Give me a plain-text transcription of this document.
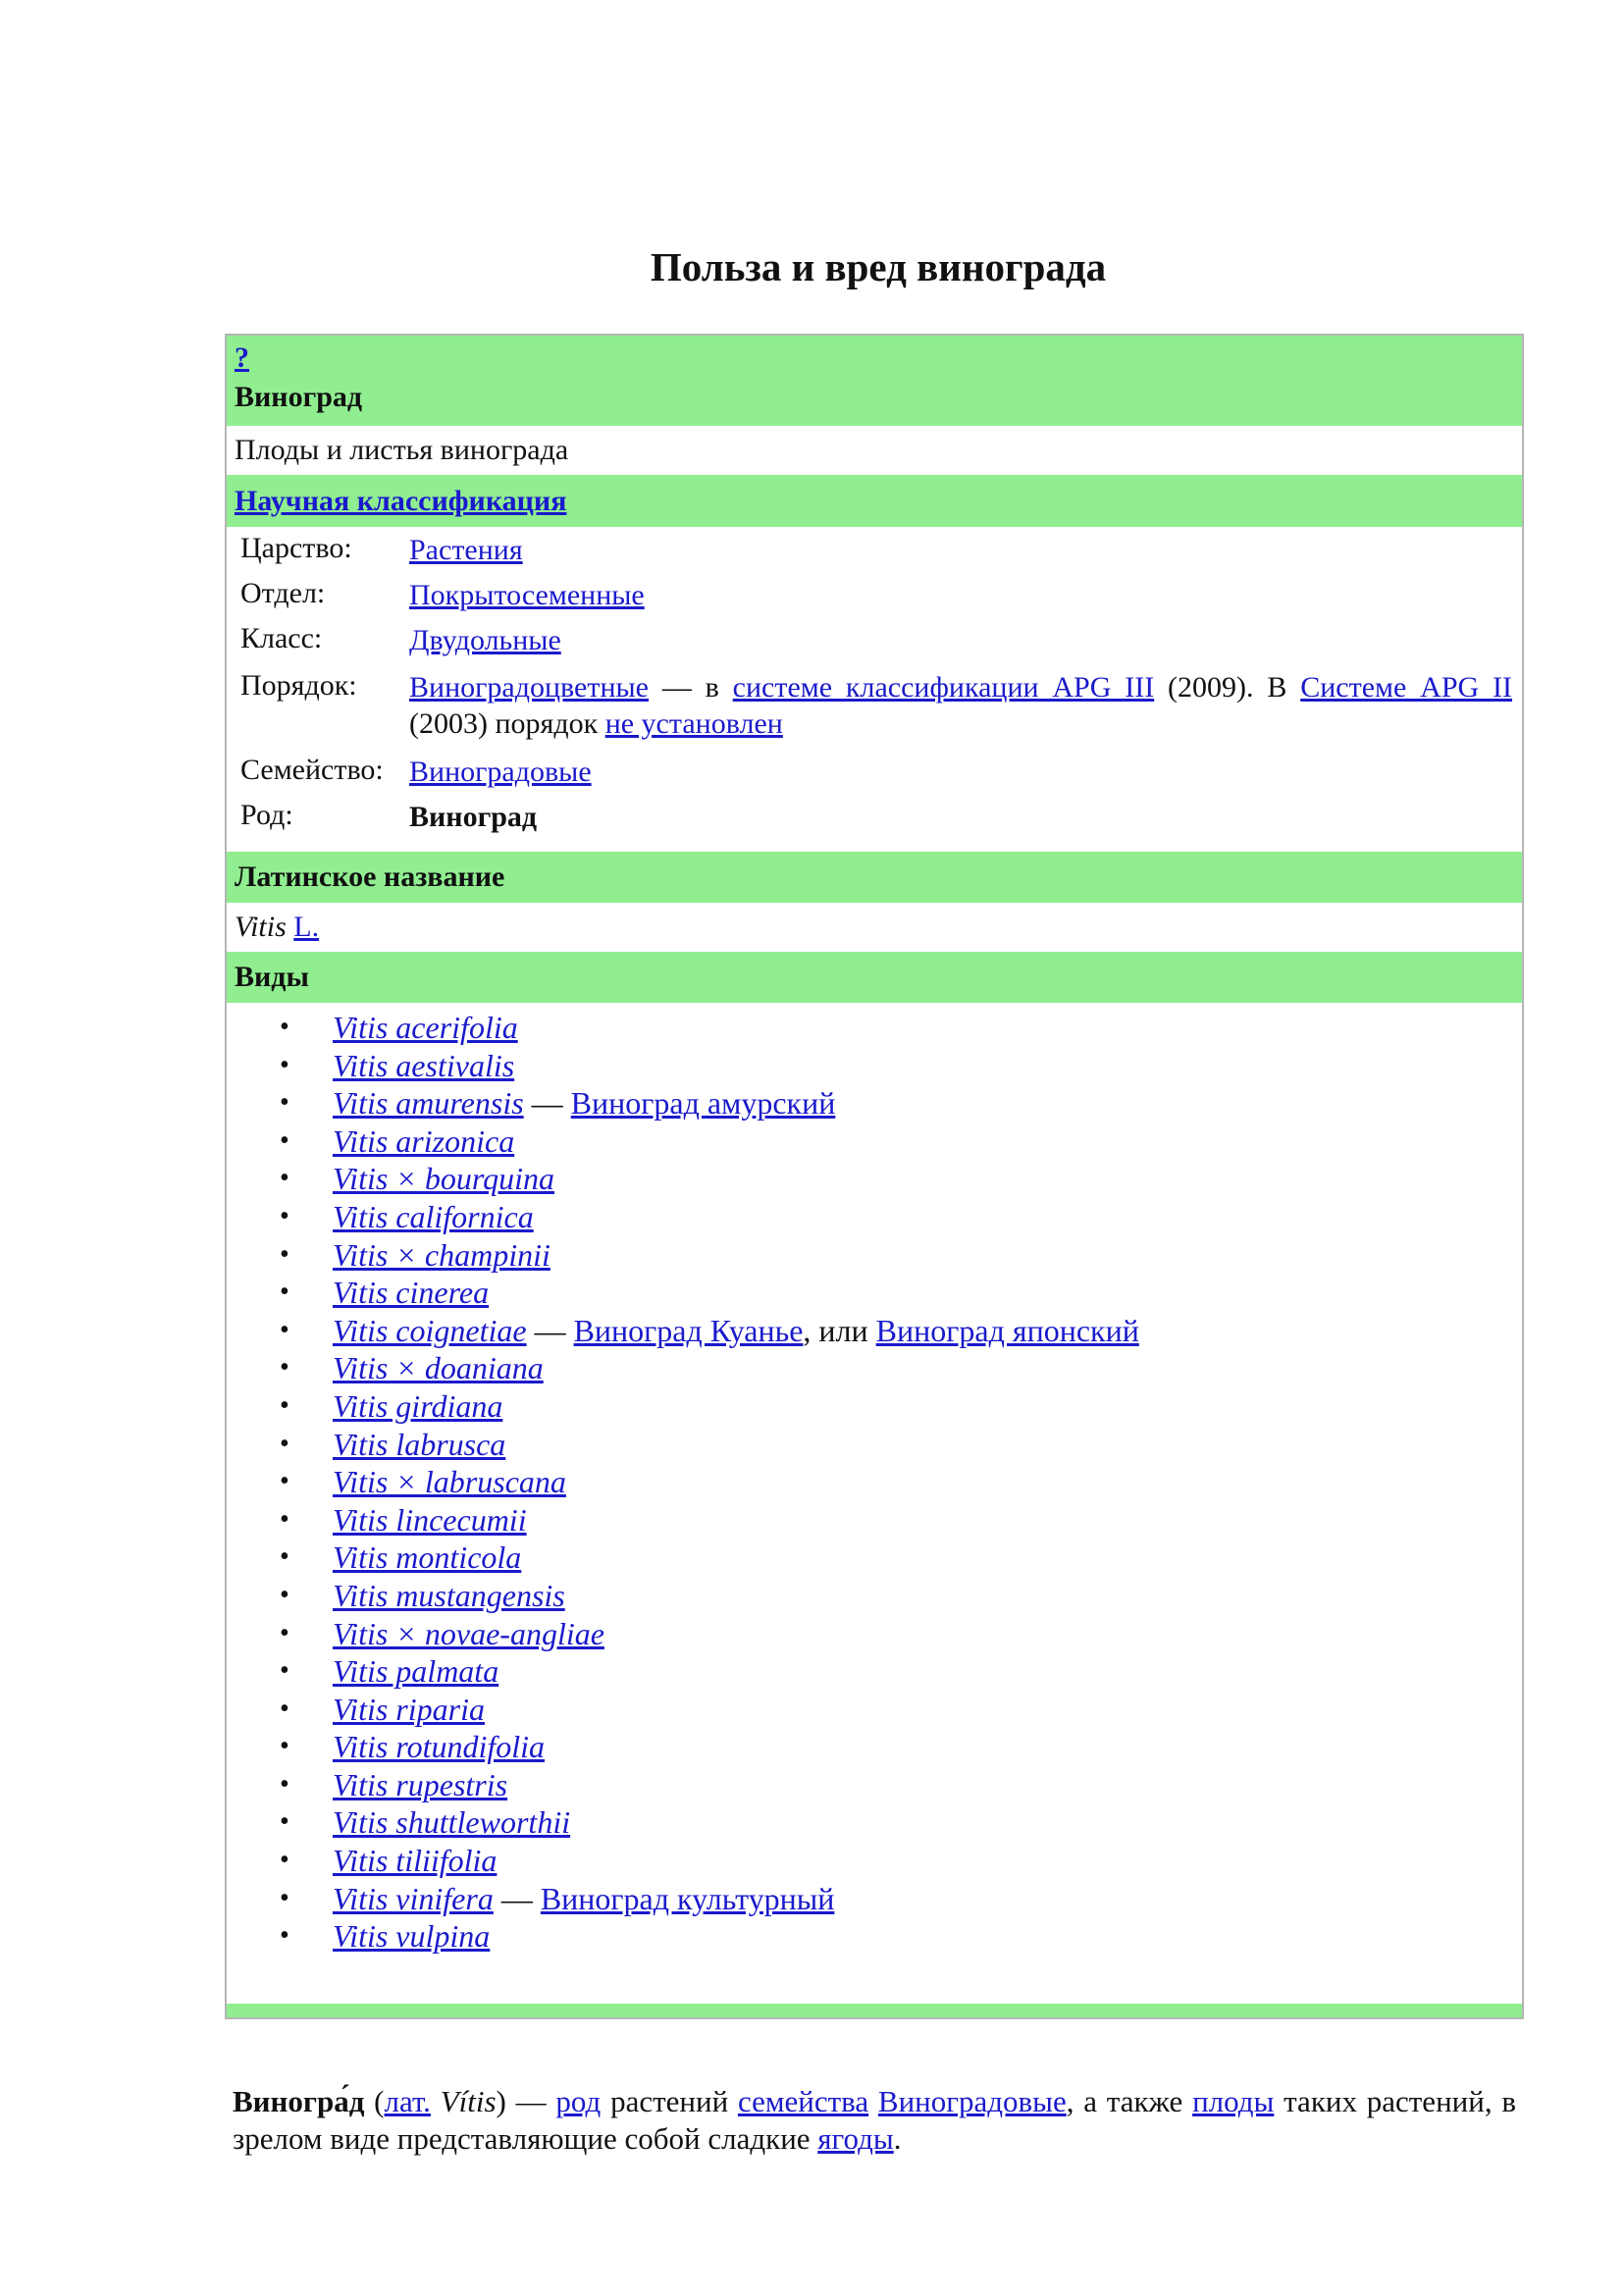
Польза и вред винограда
?
Виноград
Плоды и листья винограда
Научная классификация
Царство: Растения
Отдел:	Покрытосеменные
Класс:	Двудольные
Порядок: Виноградоцветные — в системе классификации APG III (2009). В Системе APG II (2003) порядок не установлен
Семейство: Виноградовые
Род:	Виноград
Латинское название
Vitis L.
Виды
• Vitis acerifolia
• Vitis aestivalis
• Vitis amurensis — Виноград амурский
• Vitis arizonica
• Vitis × bourquina
• Vitis californica
• Vitis × champinii
• Vitis cinerea
• Vitis coignetiae — Виноград Куанье, или Виноград японский
• Vitis × doaniana
• Vitis girdiana
• Vitis labrusca
• Vitis × labruscana
• Vitis lincecumii
• Vitis monticola
• Vitis mustangensis
• Vitis × novae-angliae
• Vitis palmata
• Vitis riparia
• Vitis rotundifolia
• Vitis rupestris
• Vitis shuttleworthii
• Vitis tiliifolia
• Vitis vinifera — Виноград культурный
• Vitis vulpina

Виногра́д (лат. Vítis) — род растений семейства Виноградовые, а также плоды таких растений, в зрелом виде представляющие собой сладкие ягоды.
